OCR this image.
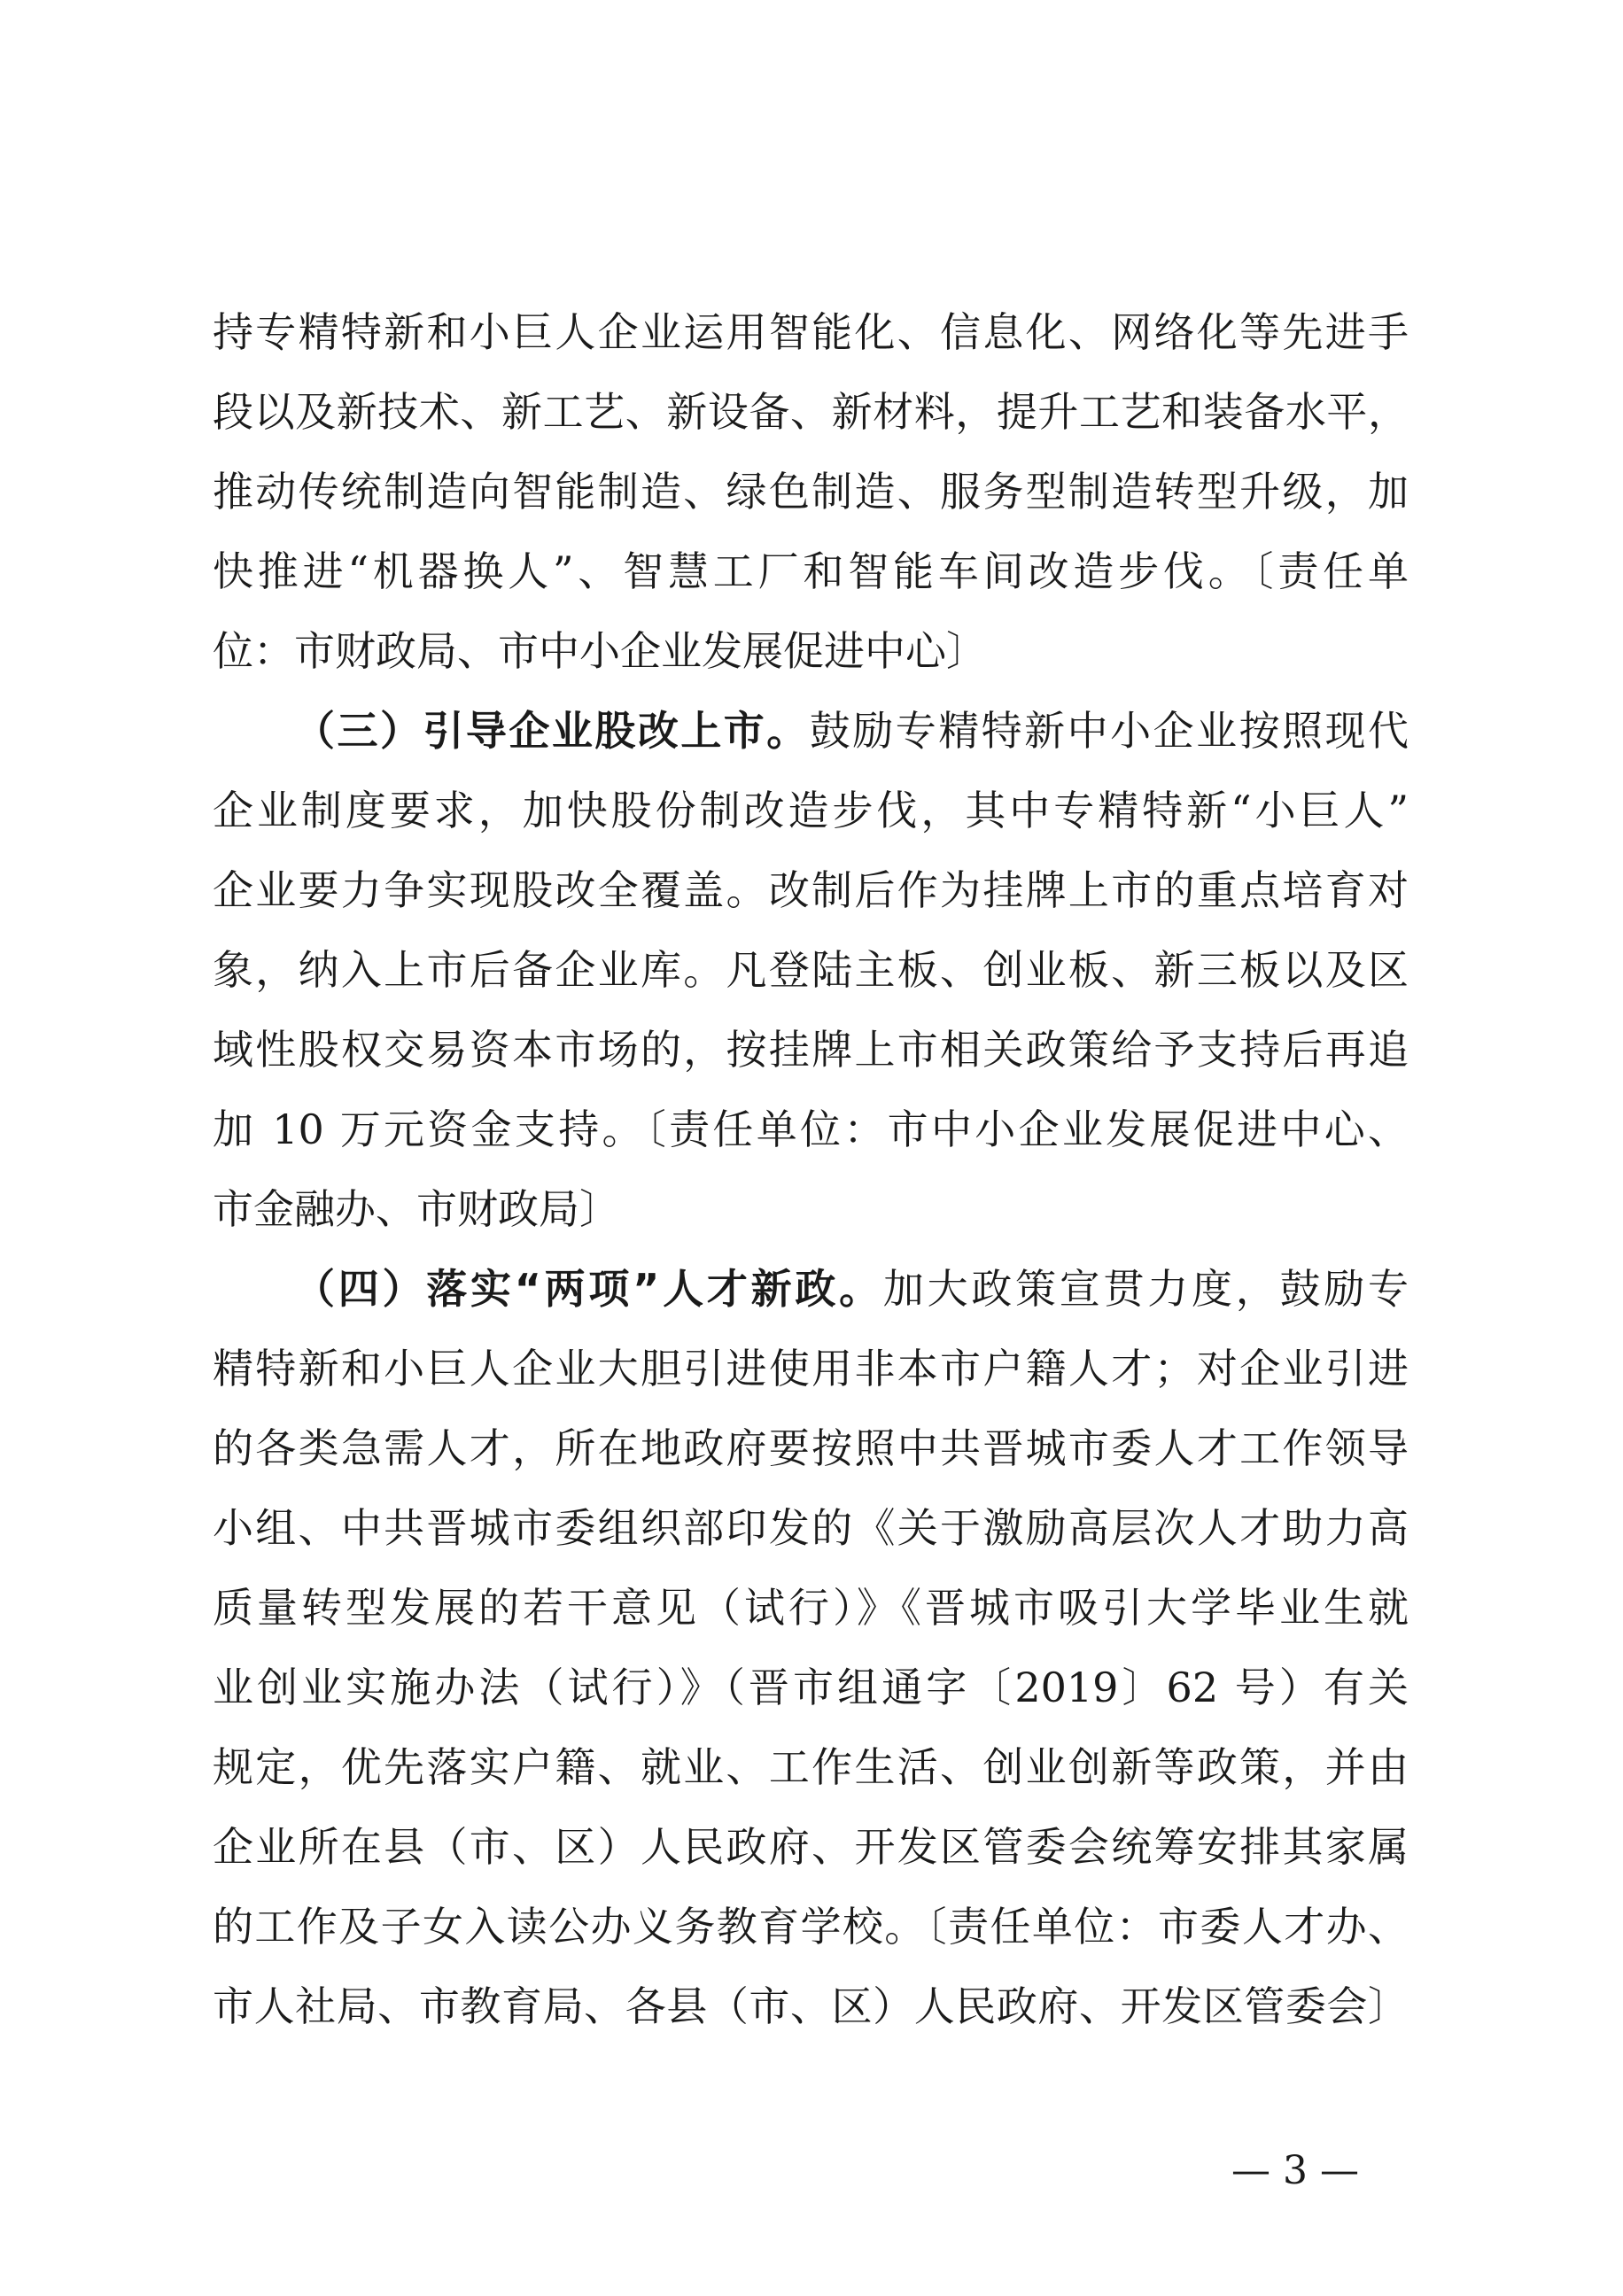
持专精特新和小巨人企业运用智能化、信息化、网络化等先进手
段以及新技术、新工艺、新设备、新材料，提升工艺和装备水平，
推动传统制造向智能制造、绿色制造、服务型制造转型升级，加
快推进“机器换人”、智慧工厂和智能车间改造步伐。〔责任单
位：市财政局、市中小企业发展促进中心〕
（三）引导企业股改上市。鼓励专精特新中小企业按照现代
企业制度要求，加快股份制改造步伐，其中专精特新“小巨人”
企业要力争实现股改全覆盖。改制后作为挂牌上市的重点培育对
象，纳入上市后备企业库。凡登陆主板、创业板、新三板以及区
域性股权交易资本市场的，按挂牌上市相关政策给予支持后再追
加 10 万元资金支持。〔责任单位：市中小企业发展促进中心、
市金融办、市财政局〕
（四）落实“两项”人才新政。加大政策宣贯力度，鼓励专
精特新和小巨人企业大胆引进使用非本市户籍人才；对企业引进
的各类急需人才，所在地政府要按照中共晋城市委人才工作领导
小组、中共晋城市委组织部印发的《关于激励高层次人才助力高
质量转型发展的若干意见（试行）》《晋城市吸引大学毕业生就
业创业实施办法（试行）》（晋市组通字〔2019〕62 号）有关
规定，优先落实户籍、就业、工作生活、创业创新等政策，并由
企业所在县（市、区）人民政府、开发区管委会统筹安排其家属
的工作及子女入读公办义务教育学校。〔责任单位：市委人才办、
市人社局、市教育局、各县（市、区）人民政府、开发区管委会〕
— 3 —
